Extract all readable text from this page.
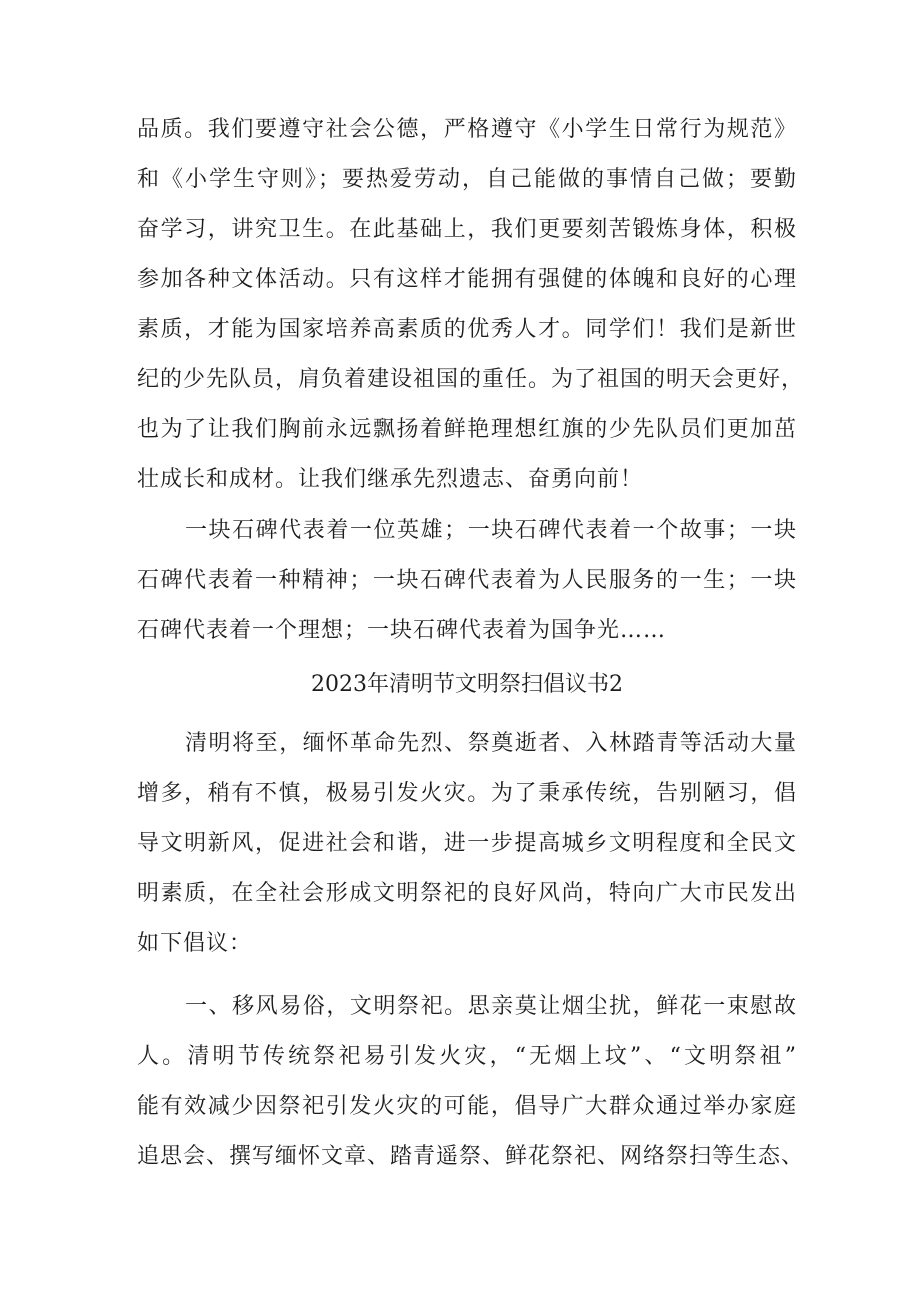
品质。我们要遵守社会公德，严格遵守《小学生日常行为规范》
和《小学生守则》；要热爱劳动，自己能做的事情自己做；要勤
奋学习，讲究卫生。在此基础上，我们更要刻苦锻炼身体，积极
参加各种文体活动。只有这样才能拥有强健的体魄和良好的心理
素质，才能为国家培养高素质的优秀人才。同学们！我们是新世
纪的少先队员，肩负着建设祖国的重任。为了祖国的明天会更好，
也为了让我们胸前永远飘扬着鲜艳理想红旗的少先队员们更加茁
壮成长和成材。让我们继承先烈遗志、奋勇向前！
一块石碑代表着一位英雄；一块石碑代表着一个故事；一块
石碑代表着一种精神；一块石碑代表着为人民服务的一生；一块
石碑代表着一个理想；一块石碑代表着为国争光……
2023年清明节文明祭扫倡议书2
清明将至，缅怀革命先烈、祭奠逝者、入林踏青等活动大量
增多，稍有不慎，极易引发火灾。为了秉承传统，告别陋习，倡
导文明新风，促进社会和谐，进一步提高城乡文明程度和全民文
明素质，在全社会形成文明祭祀的良好风尚，特向广大市民发出
如下倡议：
一、移风易俗，文明祭祀。思亲莫让烟尘扰，鲜花一束慰故
人。清明节传统祭祀易引发火灾，“无烟上坟”、“文明祭祖”
能有效减少因祭祀引发火灾的可能，倡导广大群众通过举办家庭
追思会、撰写缅怀文章、踏青遥祭、鲜花祭祀、网络祭扫等生态、
